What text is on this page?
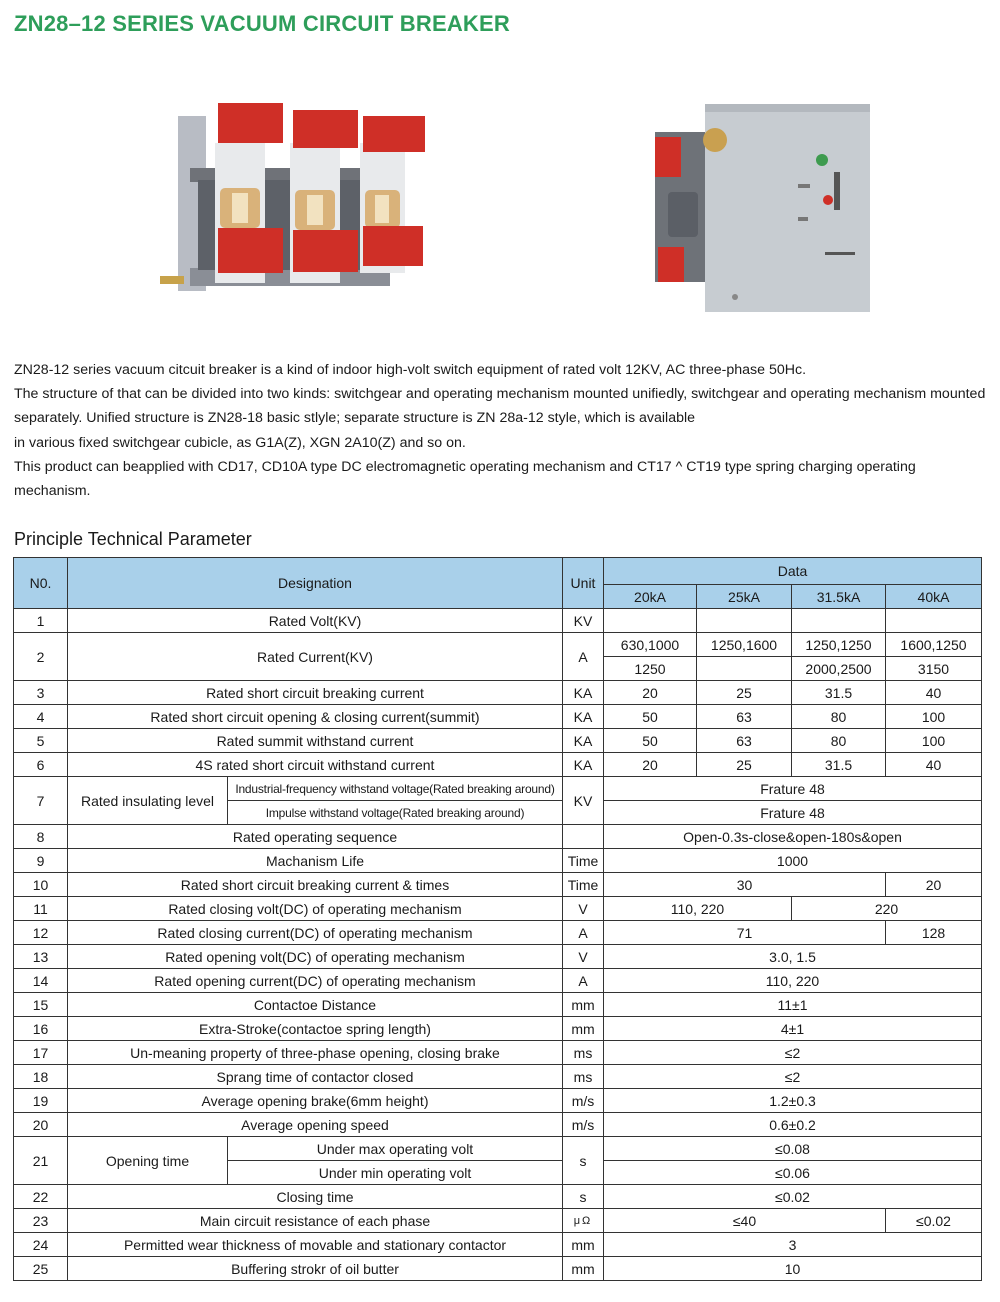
ZN28–12 SERIES VACUUM CIRCUIT BREAKER

ZN28-12 series vacuum citcuit breaker is a kind of indoor high-volt switch equipment of rated volt 12KV, AC three-phase 50Hc.

The structure of that can be divided into two kinds: switchgear and operating mechanism mounted unifiedly, switchgear and operating mechanism mounted separately. Unified structure is ZN28-18 basic stlyle; separate structure is ZN 28a-12 style, which is available

in various fixed switchgear cubicle, as G1A(Z), XGN 2A10(Z) and so on.

This product can beapplied with CD17, CD10A type DC electromagnetic operating mechanism and CT17 ^ CT19 type spring charging operating mechanism.

Principle Technical Parameter
N0.	Designation		Unit	Data			
				20kA	25kA	31.5kA	40kA
1	Rated Volt(KV)		KV				
2	Rated Current(KV)		A	630,1000	1250,1600	1250,1250	1600,1250
				1250		2000,2500	3150
3	Rated short circuit breaking current		KA	20	25	31.5	40
4	Rated short circuit opening & closing current(summit)		KA	50	63	80	100
5	Rated summit withstand current		KA	50	63	80	100
6	4S rated short circuit withstand current		KA	20	25	31.5	40
7	Rated insulating level	Industrial-frequency withstand voltage(Rated breaking around)	KV	Frature 48			
		Impulse withstand voltage(Rated breaking around)		Frature 48			
8	Rated operating sequence			Open-0.3s-close&open-180s&open			
9	Machanism Life		Time	1000			
10	Rated short circuit breaking current & times		Time	30			20
11	Rated closing volt(DC) of operating mechanism		V	110, 220		220	
12	Rated closing current(DC) of operating mechanism		A	71			128
13	Rated opening volt(DC) of operating mechanism		V	3.0, 1.5			
14	Rated opening current(DC) of operating mechanism		A	110, 220			
15	Contactoe Distance		mm	11±1			
16	Extra-Stroke(contactoe spring length)		mm	4±1			
17	Un-meaning property of three-phase opening, closing brake		ms	≤2			
18	Sprang time of contactor closed		ms	≤2			
19	Average opening brake(6mm height)		m/s	1.2±0.3			
20	Average opening speed		m/s	0.6±0.2			
21	Opening time	Under max operating volt	s	≤0.08			
		Under min operating volt		≤0.06			
22	Closing time		s	≤0.02			
23	Main circuit resistance of each phase		μΩ	≤40			≤0.02
24	Permitted wear thickness of movable and stationary contactor		mm	3			
25	Buffering strokr of oil butter		mm	10			
